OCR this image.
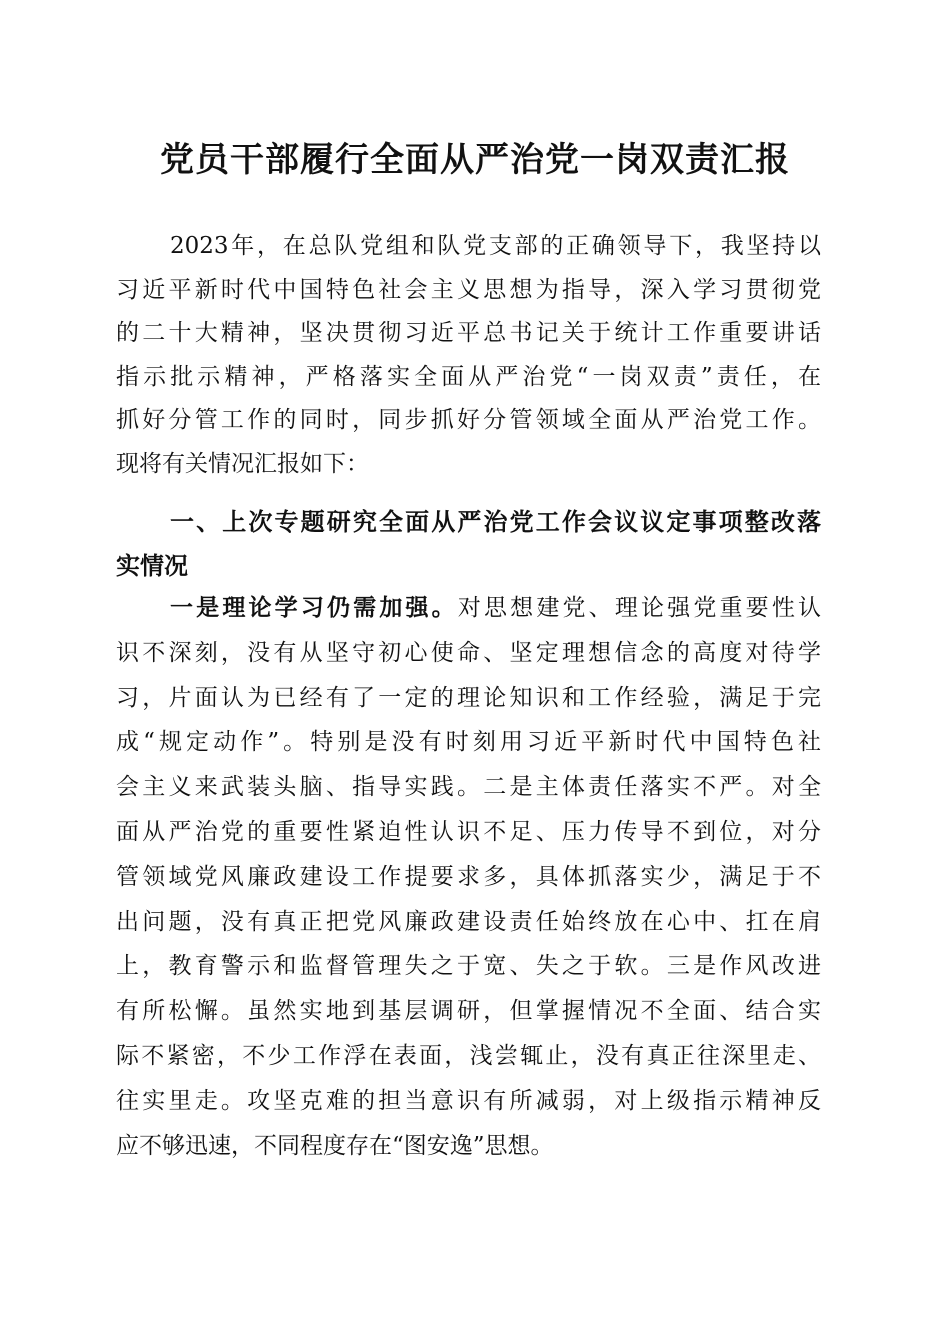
党员干部履行全面从严治党一岗双责汇报
2023年，在总队党组和队党支部的正确领导下，我坚持以
习近平新时代中国特色社会主义思想为指导，深入学习贯彻党
的二十大精神，坚决贯彻习近平总书记关于统计工作重要讲话
指示批示精神，严格落实全面从严治党“一岗双责”责任，在
抓好分管工作的同时，同步抓好分管领域全面从严治党工作。
现将有关情况汇报如下：
一、上次专题研究全面从严治党工作会议议定事项整改落
实情况
一是理论学习仍需加强。对思想建党、理论强党重要性认
识不深刻，没有从坚守初心使命、坚定理想信念的高度对待学
习，片面认为已经有了一定的理论知识和工作经验，满足于完
成“规定动作”。特别是没有时刻用习近平新时代中国特色社
会主义来武装头脑、指导实践。二是主体责任落实不严。对全
面从严治党的重要性紧迫性认识不足、压力传导不到位，对分
管领域党风廉政建设工作提要求多，具体抓落实少，满足于不
出问题，没有真正把党风廉政建设责任始终放在心中、扛在肩
上，教育警示和监督管理失之于宽、失之于软。三是作风改进
有所松懈。虽然实地到基层调研，但掌握情况不全面、结合实
际不紧密，不少工作浮在表面，浅尝辄止，没有真正往深里走、
往实里走。攻坚克难的担当意识有所减弱，对上级指示精神反
应不够迅速，不同程度存在“图安逸”思想。
